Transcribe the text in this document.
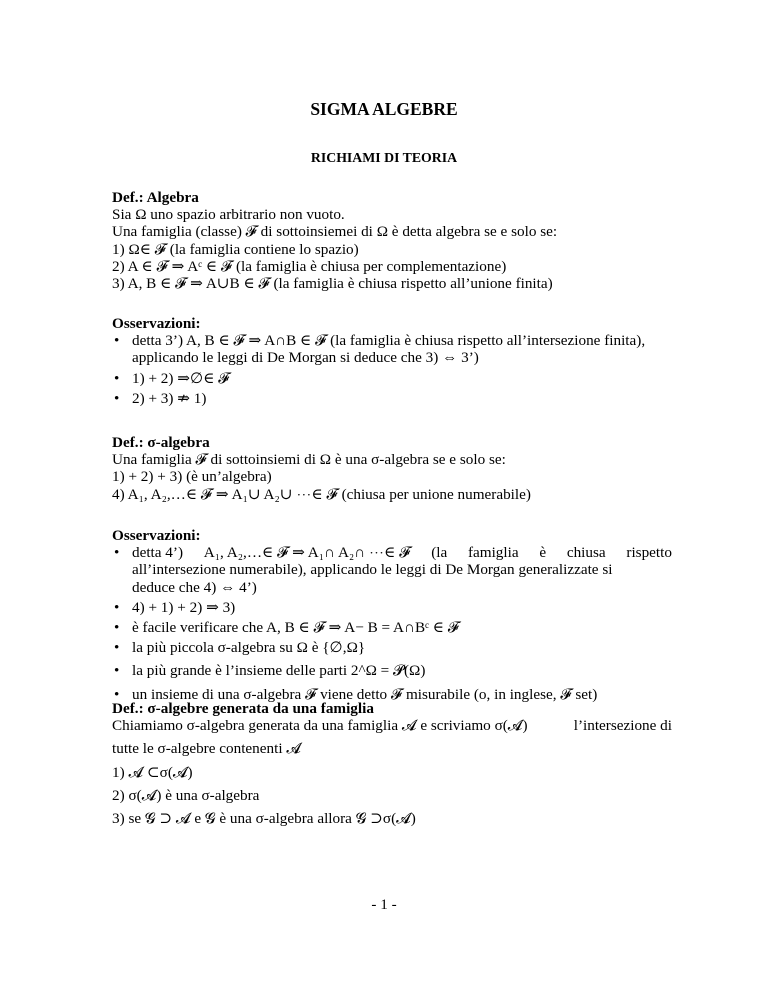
SIGMA ALGEBRE
RICHIAMI DI TEORIA
Def.: Algebra
Sia Ω uno spazio arbitrario non vuoto.
Una famiglia (classe) 𝓕 di sottoinsiemei di Ω è detta algebra se e solo se:
1) Ω∈ 𝓕 (la famiglia contiene lo spazio)
2) A ∈ 𝓕 ⇒ Aᶜ ∈ 𝓕 (la famiglia è chiusa per complementazione)
3) A, B ∈ 𝓕 ⇒ A∪B ∈ 𝓕 (la famiglia è chiusa rispetto all’unione finita)
Osservazioni:
• detta 3’) A, B ∈ 𝓕 ⇒ A∩B ∈ 𝓕 (la famiglia è chiusa rispetto all’intersezione finita),
applicando le leggi di De Morgan si deduce che 3) ⇔ 3’)
• 1) + 2) ⇒∅∈ 𝓕
• 2) + 3) ⇏ 1)
Def.: σ-algebra
Una famiglia 𝓕 di sottoinsiemi di Ω è una σ-algebra se e solo se:
1) + 2) + 3) (è un’algebra)
4) A₁, A₂,…∈ 𝓕 ⇒ A₁∪ A₂∪ ⋯∈ 𝓕 (chiusa per unione numerabile)
Osservazioni:
• detta 4’) A₁, A₂,…∈ 𝓕 ⇒ A₁∩ A₂∩ ⋯∈ 𝓕 (la famiglia è chiusa rispetto
all’intersezione numerabile), applicando le leggi di De Morgan generalizzate si
deduce che 4) ⇔ 4’)
• 4) + 1) + 2) ⇒ 3)
• è facile verificare che A, B ∈ 𝓕 ⇒ A− B = A∩Bᶜ ∈ 𝓕
• la più piccola σ-algebra su Ω è {∅,Ω}
• la più grande è l’insieme delle parti 2^Ω = 𝓟(Ω)
• un insieme di una σ-algebra 𝓕 viene detto 𝓕 misurabile (o, in inglese, 𝓕 set)
Def.: σ-algebre generata da una famiglia
Chiamiamo σ-algebra generata da una famiglia 𝓐 e scriviamo σ(𝓐)	l’intersezione di
tutte le σ-algebre contenenti 𝓐
1) 𝓐 ⊂σ(𝓐)
2) σ(𝓐) è una σ-algebra
3) se 𝓖 ⊃ 𝓐 e 𝓖 è una σ-algebra allora 𝓖 ⊃σ(𝓐)
- 1 -
